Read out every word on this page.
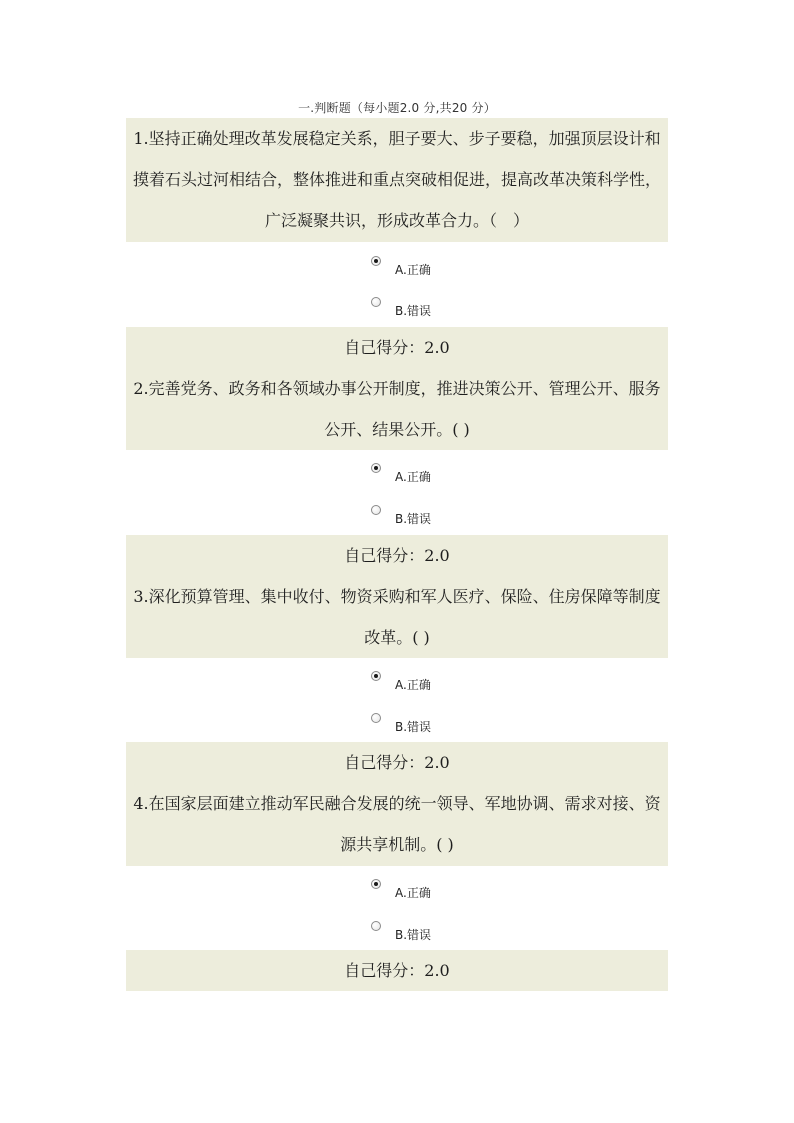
一.判断题（每小题2.0 分,共20 分）
1.坚持正确处理改革发展稳定关系，胆子要大、步子要稳，加强顶层设计和摸着石头过河相结合，整体推进和重点突破相促进，提高改革决策科学性，广泛凝聚共识，形成改革合力。（　）
A.正确
B.错误
自己得分：2.0
2.完善党务、政务和各领域办事公开制度，推进决策公开、管理公开、服务公开、结果公开。( )
A.正确
B.错误
自己得分：2.0
3.深化预算管理、集中收付、物资采购和军人医疗、保险、住房保障等制度改革。( )
A.正确
B.错误
自己得分：2.0
4.在国家层面建立推动军民融合发展的统一领导、军地协调、需求对接、资源共享机制。( )
A.正确
B.错误
自己得分：2.0
